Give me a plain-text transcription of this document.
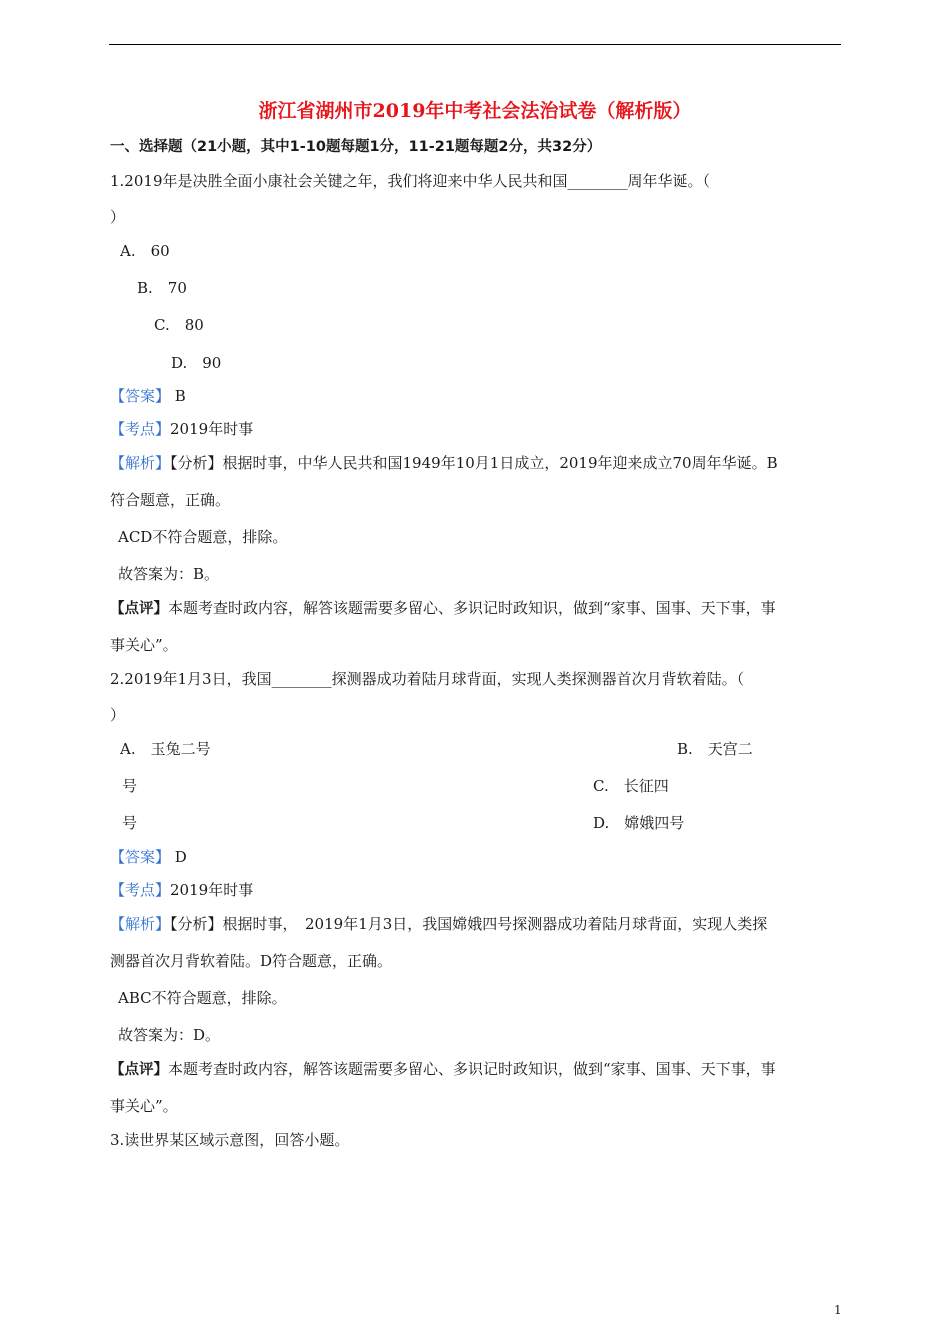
浙江省湖州市2019年中考社会法治试卷（解析版）
一、选择题（21小题，其中1-10题每题1分，11-21题每题2分，共32分）
1.2019年是决胜全面小康社会关键之年，我们将迎来中华人民共和国________周年华诞。（
）
A.　60
B.　70
C.　80
D.　90
【答案】 B
【考点】2019年时事
【解析】【分析】根据时事，中华人民共和国1949年10月1日成立，2019年迎来成立70周年华诞。B
符合题意，正确。
ACD不符合题意，排除。
故答案为：B。
【点评】本题考查时政内容，解答该题需要多留心、多识记时政知识，做到“家事、国事、天下事，事
事关心”。
2.2019年1月3日，我国________探测器成功着陆月球背面，实现人类探测器首次月背软着陆。（
）
A.　玉兔二号	B.　天宫二
号	C.　长征四
号	D.　嫦娥四号
【答案】 D
【考点】2019年时事
【解析】【分析】根据时事，　2019年1月3日，我国嫦娥四号探测器成功着陆月球背面，实现人类探
测器首次月背软着陆。D符合题意，正确。
ABC不符合题意，排除。
故答案为：D。
【点评】本题考查时政内容，解答该题需要多留心、多识记时政知识，做到“家事、国事、天下事，事
事关心”。
3.读世界某区域示意图，回答小题。
1
